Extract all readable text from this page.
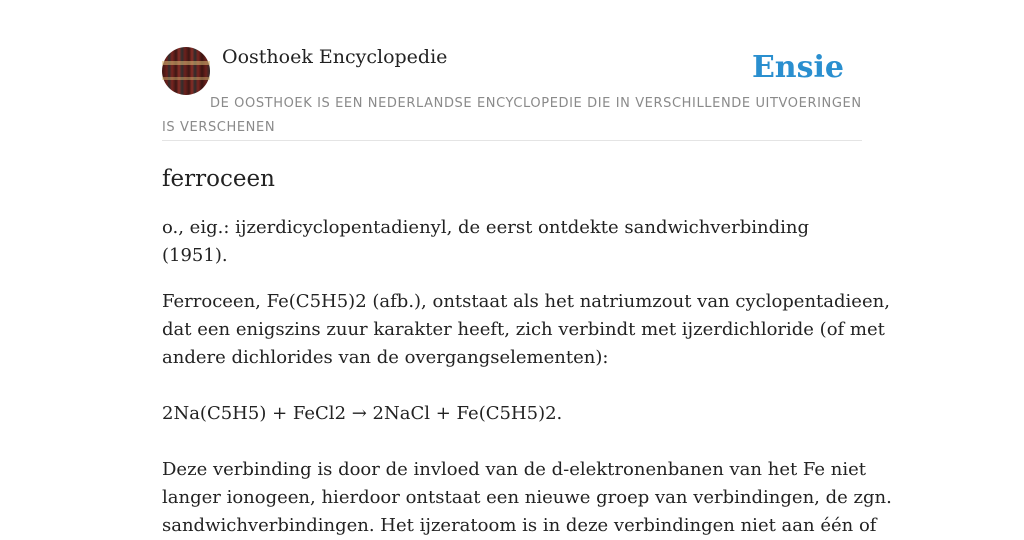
Oosthoek Encyclopedie	Ensie
DE OOSTHOEK IS EEN NEDERLANDSE ENCYCLOPEDIE DIE IN VERSCHILLENDE UITVOERINGEN IS VERSCHENEN
ferroceen

o., eig.: ijzerdicyclopentadienyl, de eerst ontdekte sandwichverbinding (1951).

Ferroceen, Fe(C5H5)2 (afb.), ontstaat als het natriumzout van cyclopentadieen,
dat een enigszins zuur karakter heeft, zich verbindt met ijzerdichloride (of met
andere dichlorides van de overgangselementen):
2Na(C5H5) + FeCl2 → 2NaCl + Fe(C5H5)2.
Deze verbinding is door de invloed van de d-elektronenbanen van het Fe niet
langer ionogeen, hierdoor ontstaat een nieuwe groep van verbindingen, de zgn.
sandwichverbindingen. Het ijzeratoom is in deze verbindingen niet aan één of
